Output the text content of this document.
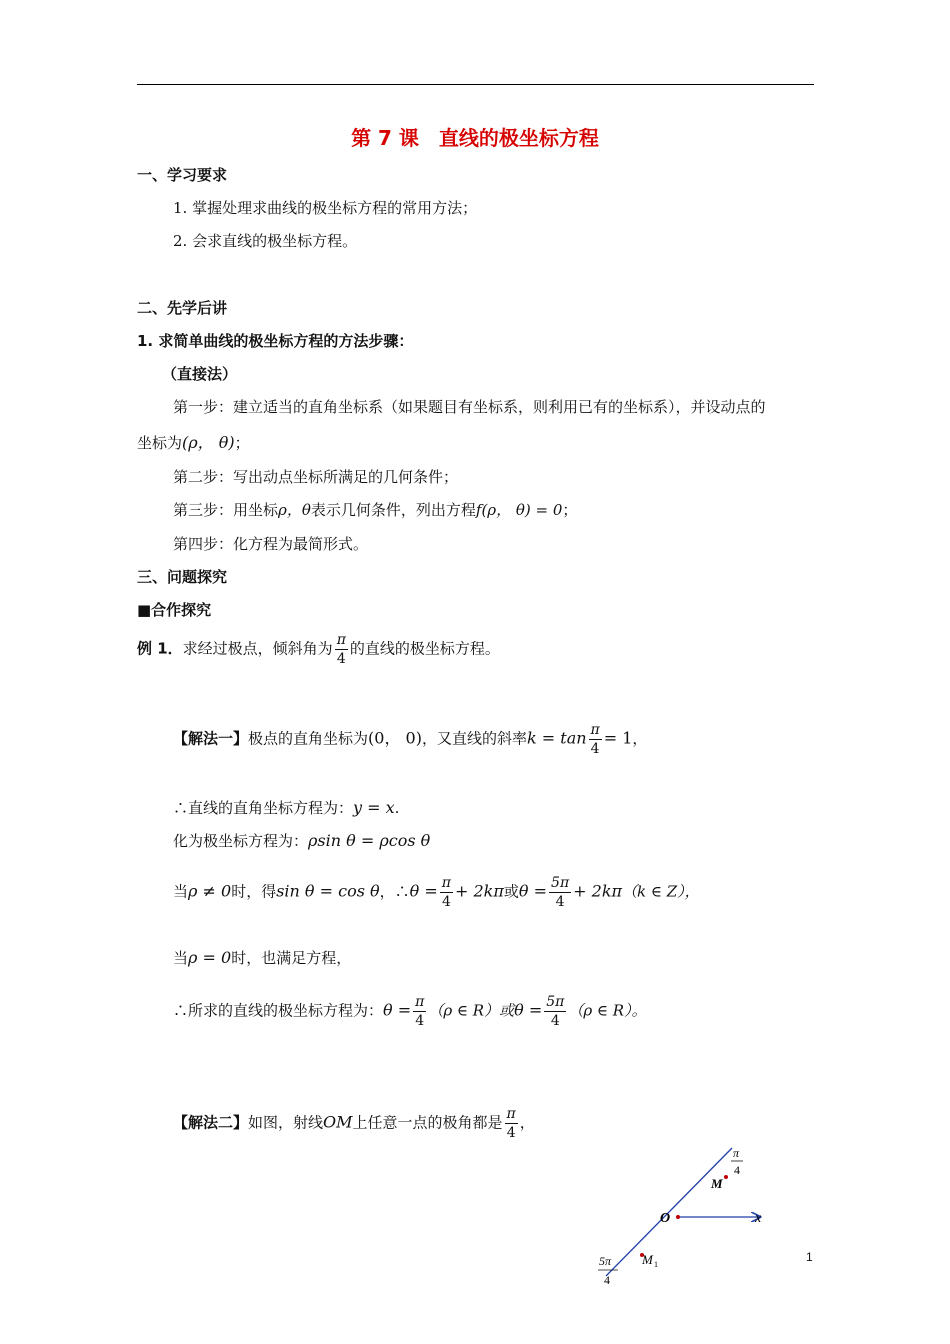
第 7 课　直线的极坐标方程
一、学习要求
1. 掌握处理求曲线的极坐标方程的常用方法；
2. 会求直线的极坐标方程。
二、先学后讲
1. 求简单曲线的极坐标方程的方法步骤：
（直接法）
第一步：建立适当的直角坐标系（如果题目有坐标系，则利用已有的坐标系），并设动点的
坐标为(ρ， θ)；
第二步：写出动点坐标所满足的几何条件；
第三步：用坐标ρ，θ表示几何条件，列出方程f(ρ， θ) = 0；
第四步：化方程为最简形式。
三、问题探究
■合作探究
例 1．求经过极点，倾斜角为 $\frac{\pi}{4}$ 的直线的极坐标方程。
【解法一】极点的直角坐标为(0， 0)，又直线的斜率$k = \tan \frac{\pi}{4} = 1$，
∴直线的直角坐标方程为：y = x.
化为极坐标方程为：ρsin θ = ρcos θ
当ρ ≠ 0时，得sin θ = cos θ，∴θ = $\frac{\pi}{4} + 2k\pi$或$\theta = \frac{5\pi}{4} + 2k\pi(k$ ∈ Z），
当ρ = 0时，也满足方程，
∴所求的直线的极坐标方程为：$\theta = \frac{\pi}{4} (\rho$ ∈ R）或$\theta = \frac{5\pi}{4} (\rho$ ∈ R）。
【解法二】如图，射线OM上任意一点的极角都是 $\frac{\pi}{4}$ ，
O
M
M 1
x
π
4
5π
4
1
